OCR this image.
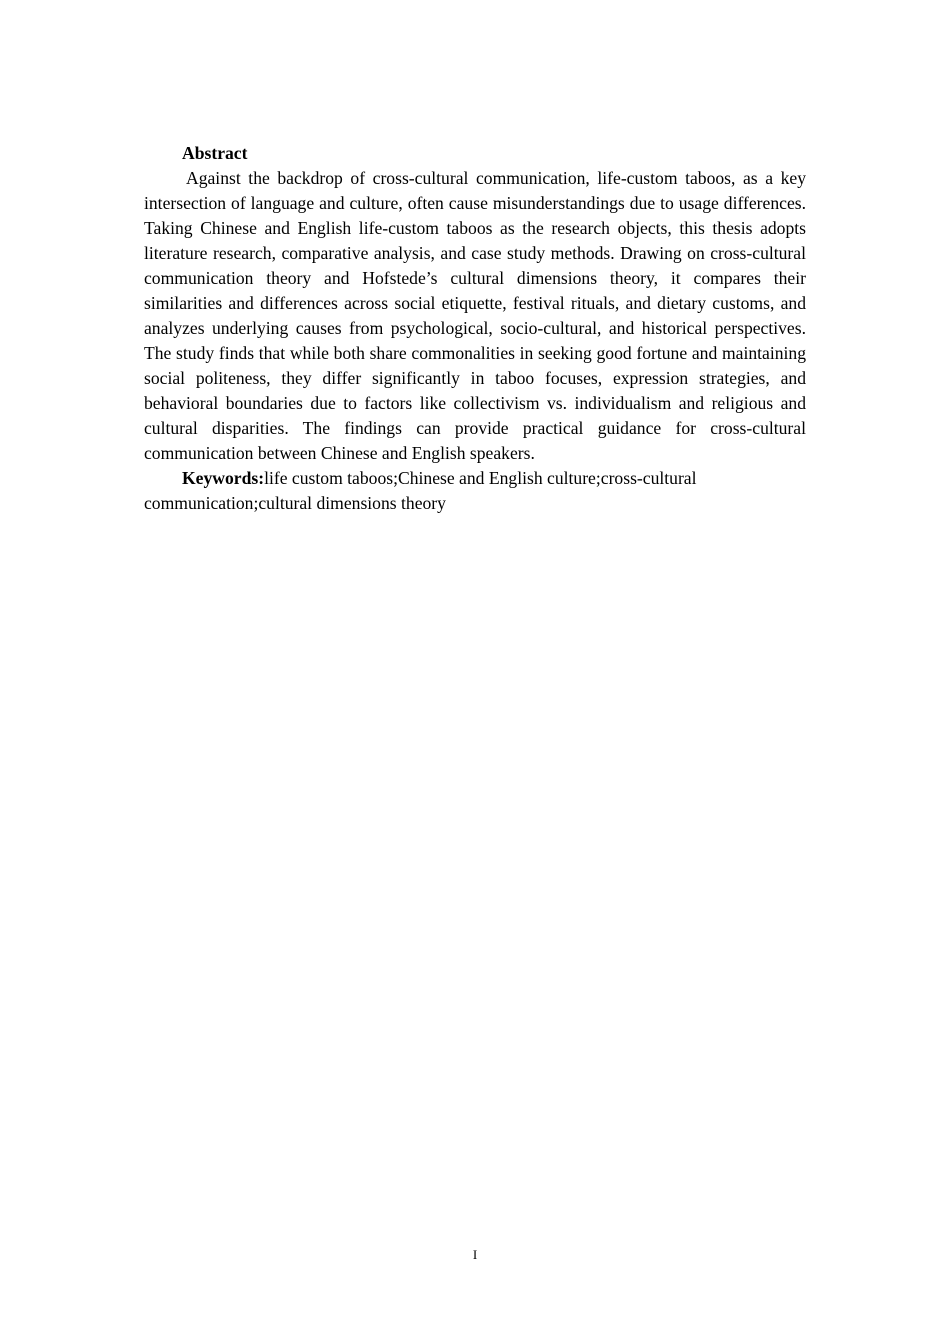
Abstract

Against the backdrop of cross-cultural communication, life-custom taboos, as a key intersection of language and culture, often cause misunderstandings due to usage differences. Taking Chinese and English life-custom taboos as the research objects, this thesis adopts literature research, comparative analysis, and case study methods. Drawing on cross-cultural communication theory and Hofstede’s cultural dimensions theory, it compares their similarities and differences across social etiquette, festival rituals, and dietary customs, and analyzes underlying causes from psychological, socio-cultural, and historical perspectives. The study finds that while both share commonalities in seeking good fortune and maintaining social politeness, they differ significantly in taboo focuses, expression strategies, and behavioral boundaries due to factors like collectivism vs. individualism and religious and cultural disparities. The findings can provide practical guidance for cross-cultural communication between Chinese and English speakers.

Keywords:life custom taboos;Chinese and English culture;cross-cultural communication;cultural dimensions theory

I
